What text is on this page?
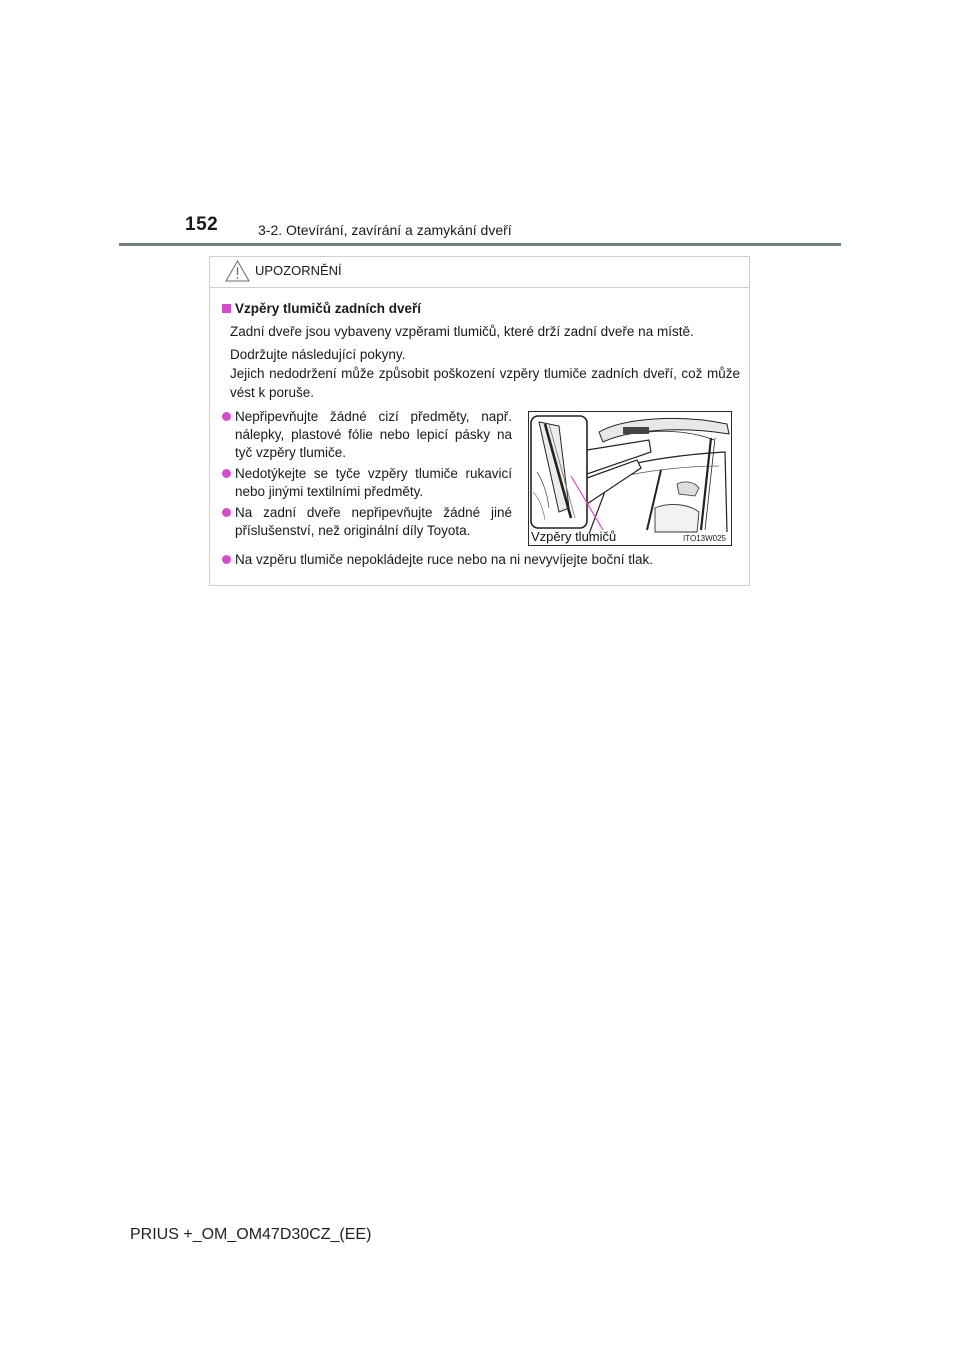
152	3-2. Otevírání, zavírání a zamykání dveří
UPOZORNĚNÍ
Vzpěry tlumičů zadních dveří

Zadní dveře jsou vybaveny vzpěrami tlumičů, které drží zadní dveře na místě.

Dodržujte následující pokyny.
Jejich nedodržení může způsobit poškození vzpěry tlumiče zadních dveří, což může vést k poruše.
Nepřipevňujte žádné cizí předměty, např. nálepky, plastové fólie nebo lepicí pásky na tyč vzpěry tlumiče.
Nedotýkejte se tyče vzpěry tlumiče rukavicí nebo jinými textilními předměty.
Na zadní dveře nepřipevňujte žádné jiné příslušenství, než originální díly Toyota.	Vzpěry tlumičů	ITO13W025
Na vzpěru tlumiče nepokládejte ruce nebo na ni nevyvíjejte boční tlak.
PRIUS +_OM_OM47D30CZ_(EE)
